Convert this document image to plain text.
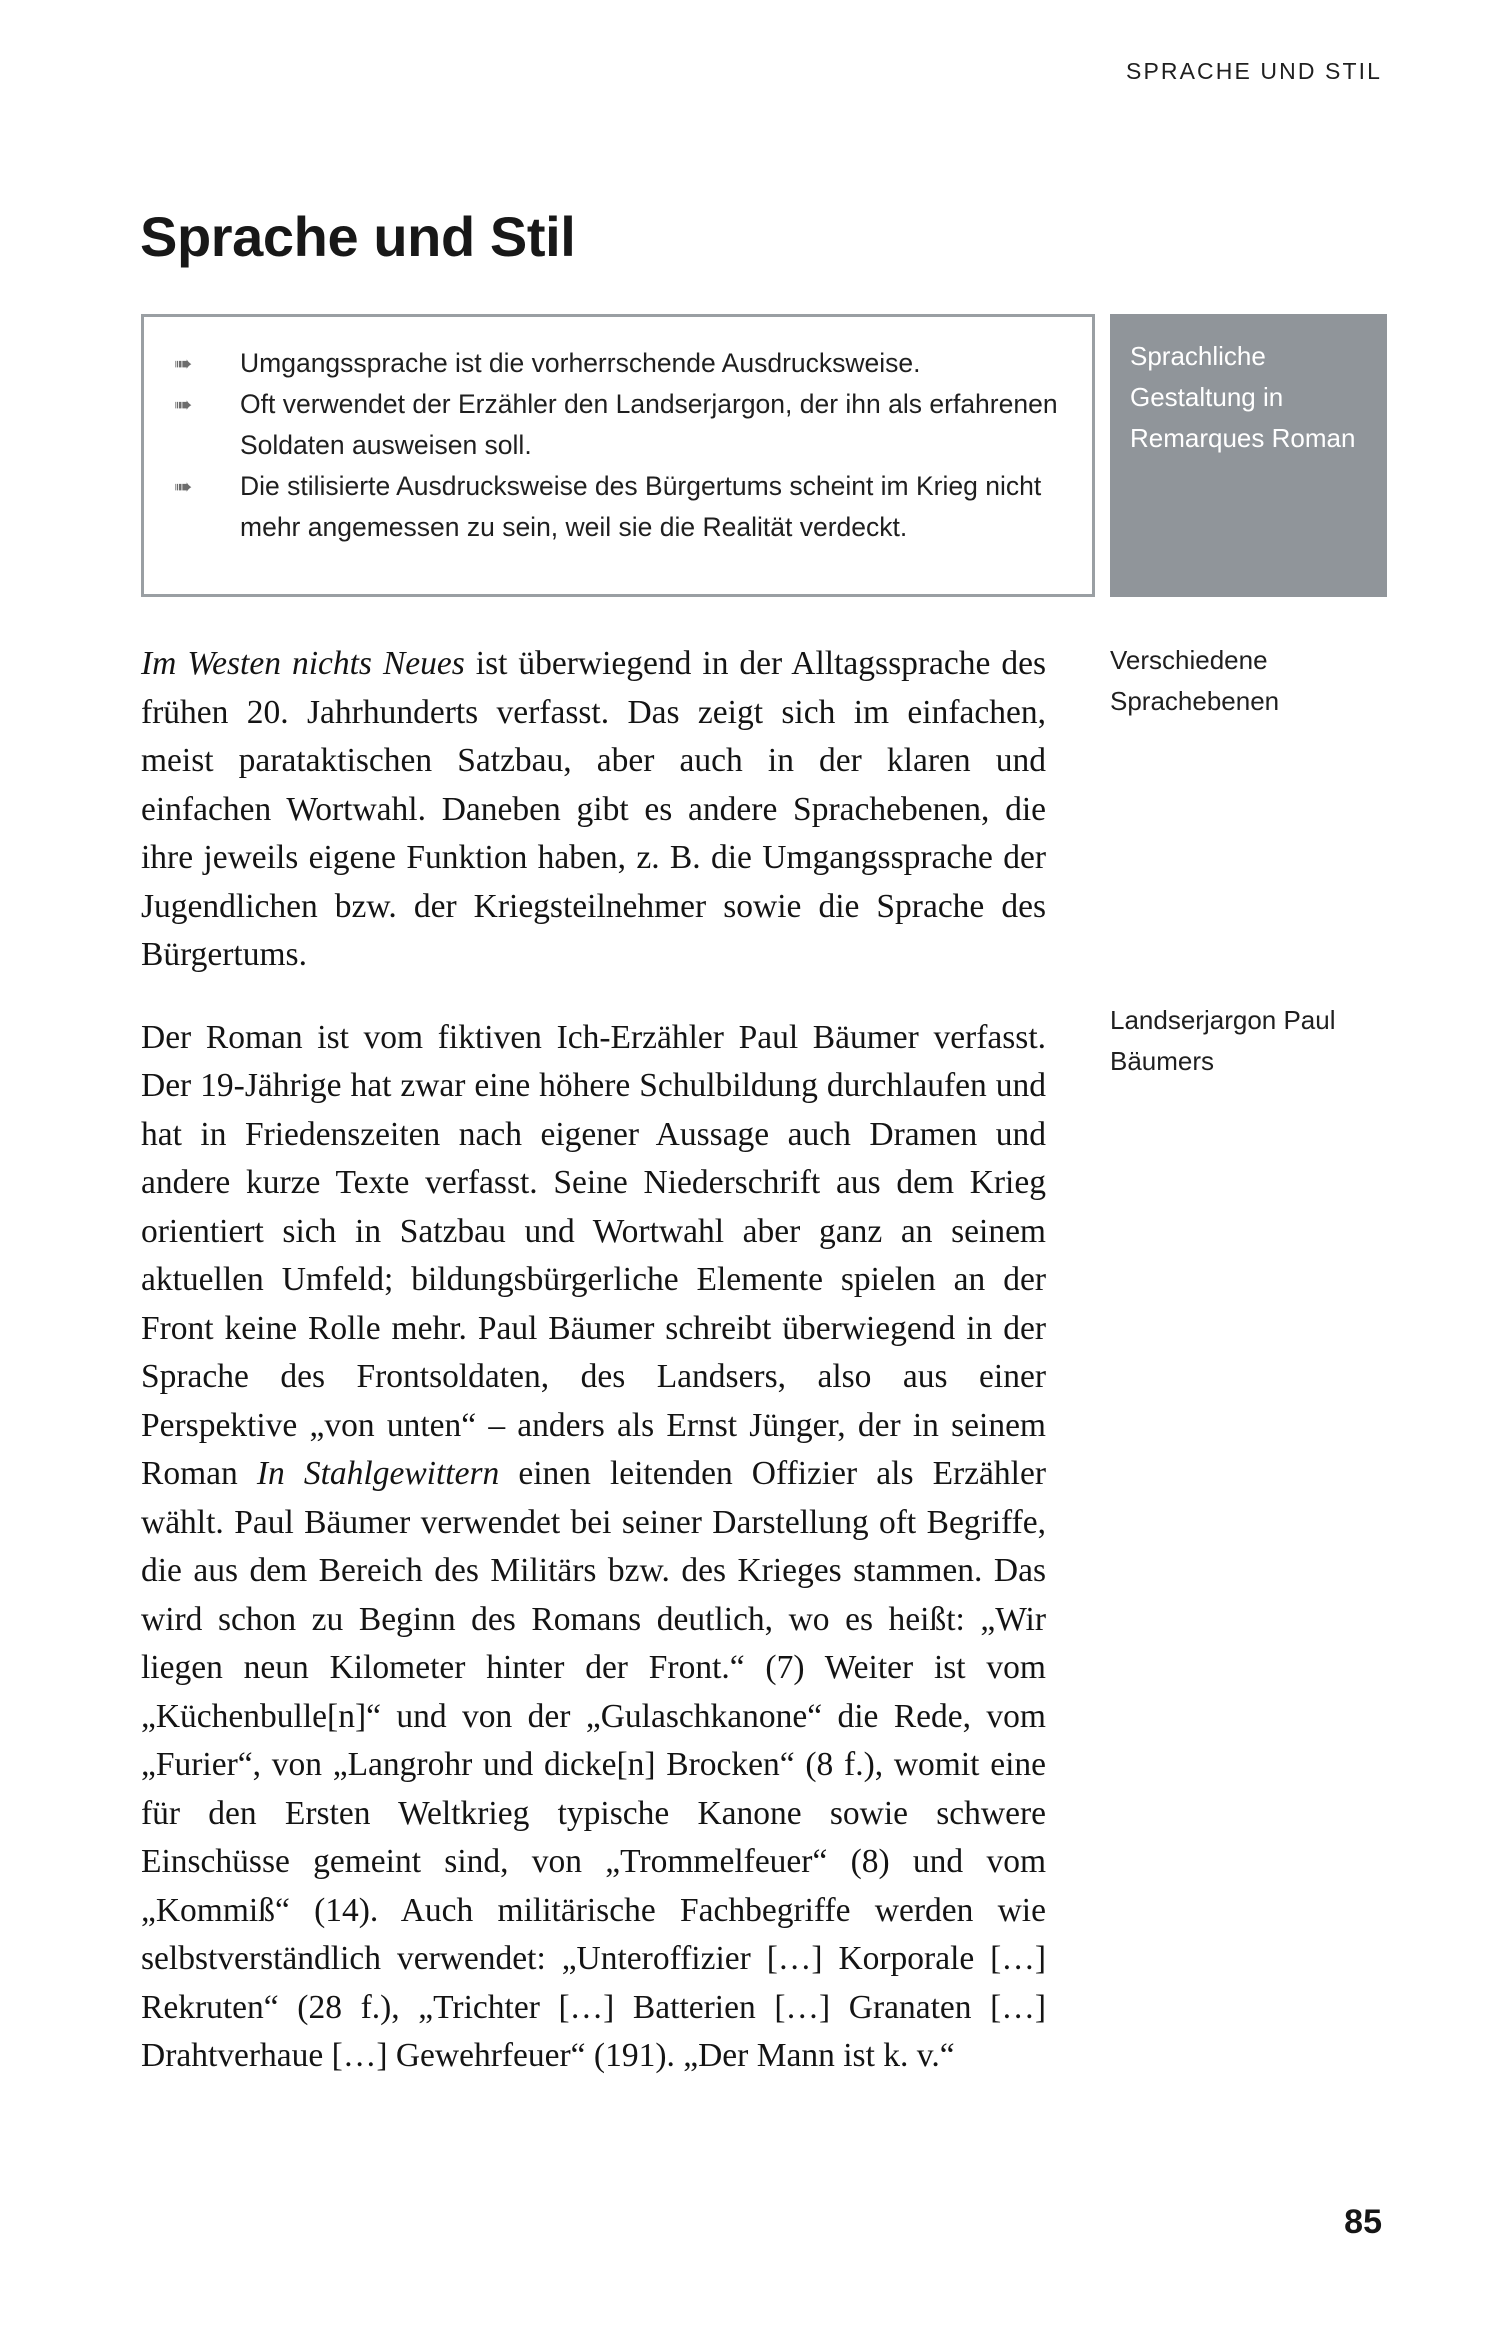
SPRACHE UND STIL
Sprache und Stil
➠	Umgangssprache ist die vorherrschende Ausdrucksweise.
➠	Oft verwendet der Erzähler den Landserjargon, der ihn als erfahrenen Soldaten ausweisen soll.
➠	Die stilisierte Ausdrucksweise des Bürgertums scheint im Krieg nicht mehr angemessen zu sein, weil sie die Realität verdeckt.
Sprachliche Gestaltung in Remarques Roman

Im Westen nichts Neues ist überwiegend in der Alltagssprache des frühen 20. Jahrhunderts verfasst. Das zeigt sich im einfachen, meist parataktischen Satzbau, aber auch in der klaren und einfachen Wortwahl. Daneben gibt es andere Sprachebenen, die ihre jeweils eigene Funktion haben, z. B. die Umgangssprache der Jugendlichen bzw. der Kriegsteilnehmer sowie die Sprache des Bürgertums.

Der Roman ist vom fiktiven Ich-Erzähler Paul Bäumer verfasst. Der 19-Jährige hat zwar eine höhere Schulbildung durchlaufen und hat in Friedenszeiten nach eigener Aussage auch Dramen und andere kurze Texte verfasst. Seine Niederschrift aus dem Krieg orientiert sich in Satzbau und Wortwahl aber ganz an seinem aktuellen Umfeld; bildungsbürgerliche Elemente spielen an der Front keine Rolle mehr. Paul Bäumer schreibt überwiegend in der Sprache des Frontsoldaten, des Landsers, also aus einer Perspektive „von unten“ – anders als Ernst Jünger, der in seinem Roman In Stahlgewittern einen leitenden Offizier als Erzähler wählt. Paul Bäumer verwendet bei seiner Darstellung oft Begriffe, die aus dem Bereich des Militärs bzw. des Krieges stammen. Das wird schon zu Beginn des Romans deutlich, wo es heißt: „Wir liegen neun Kilometer hinter der Front.“ (7) Weiter ist vom „Küchenbulle[n]“ und von der „Gulaschkanone“ die Rede, vom „Furier“, von „Langrohr und dicke[n] Brocken“ (8 f.), womit eine für den Ersten Weltkrieg typische Kanone sowie schwere Einschüsse gemeint sind, von „Trommelfeuer“ (8) und vom „Kommiß“ (14). Auch militärische Fachbegriffe werden wie selbstverständlich verwendet: „Unteroffizier […] Korporale […] Rekruten“ (28 f.), „Trichter […] Batterien […] Granaten […] Drahtverhaue […] Gewehrfeuer“ (191). „Der Mann ist k. v.“

Verschiedene Sprachebenen
Landserjargon Paul Bäumers
85
